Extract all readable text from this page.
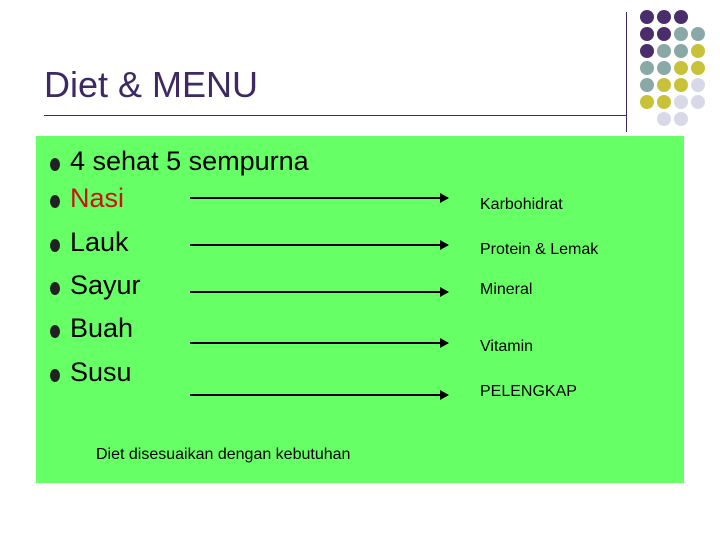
Diet & MENU
4 sehat 5 sempurna
Nasi
Lauk
Sayur
Buah
Susu
Karbohidrat
Protein & Lemak
Mineral
Vitamin
PELENGKAP
Diet disesuaikan dengan kebutuhan
